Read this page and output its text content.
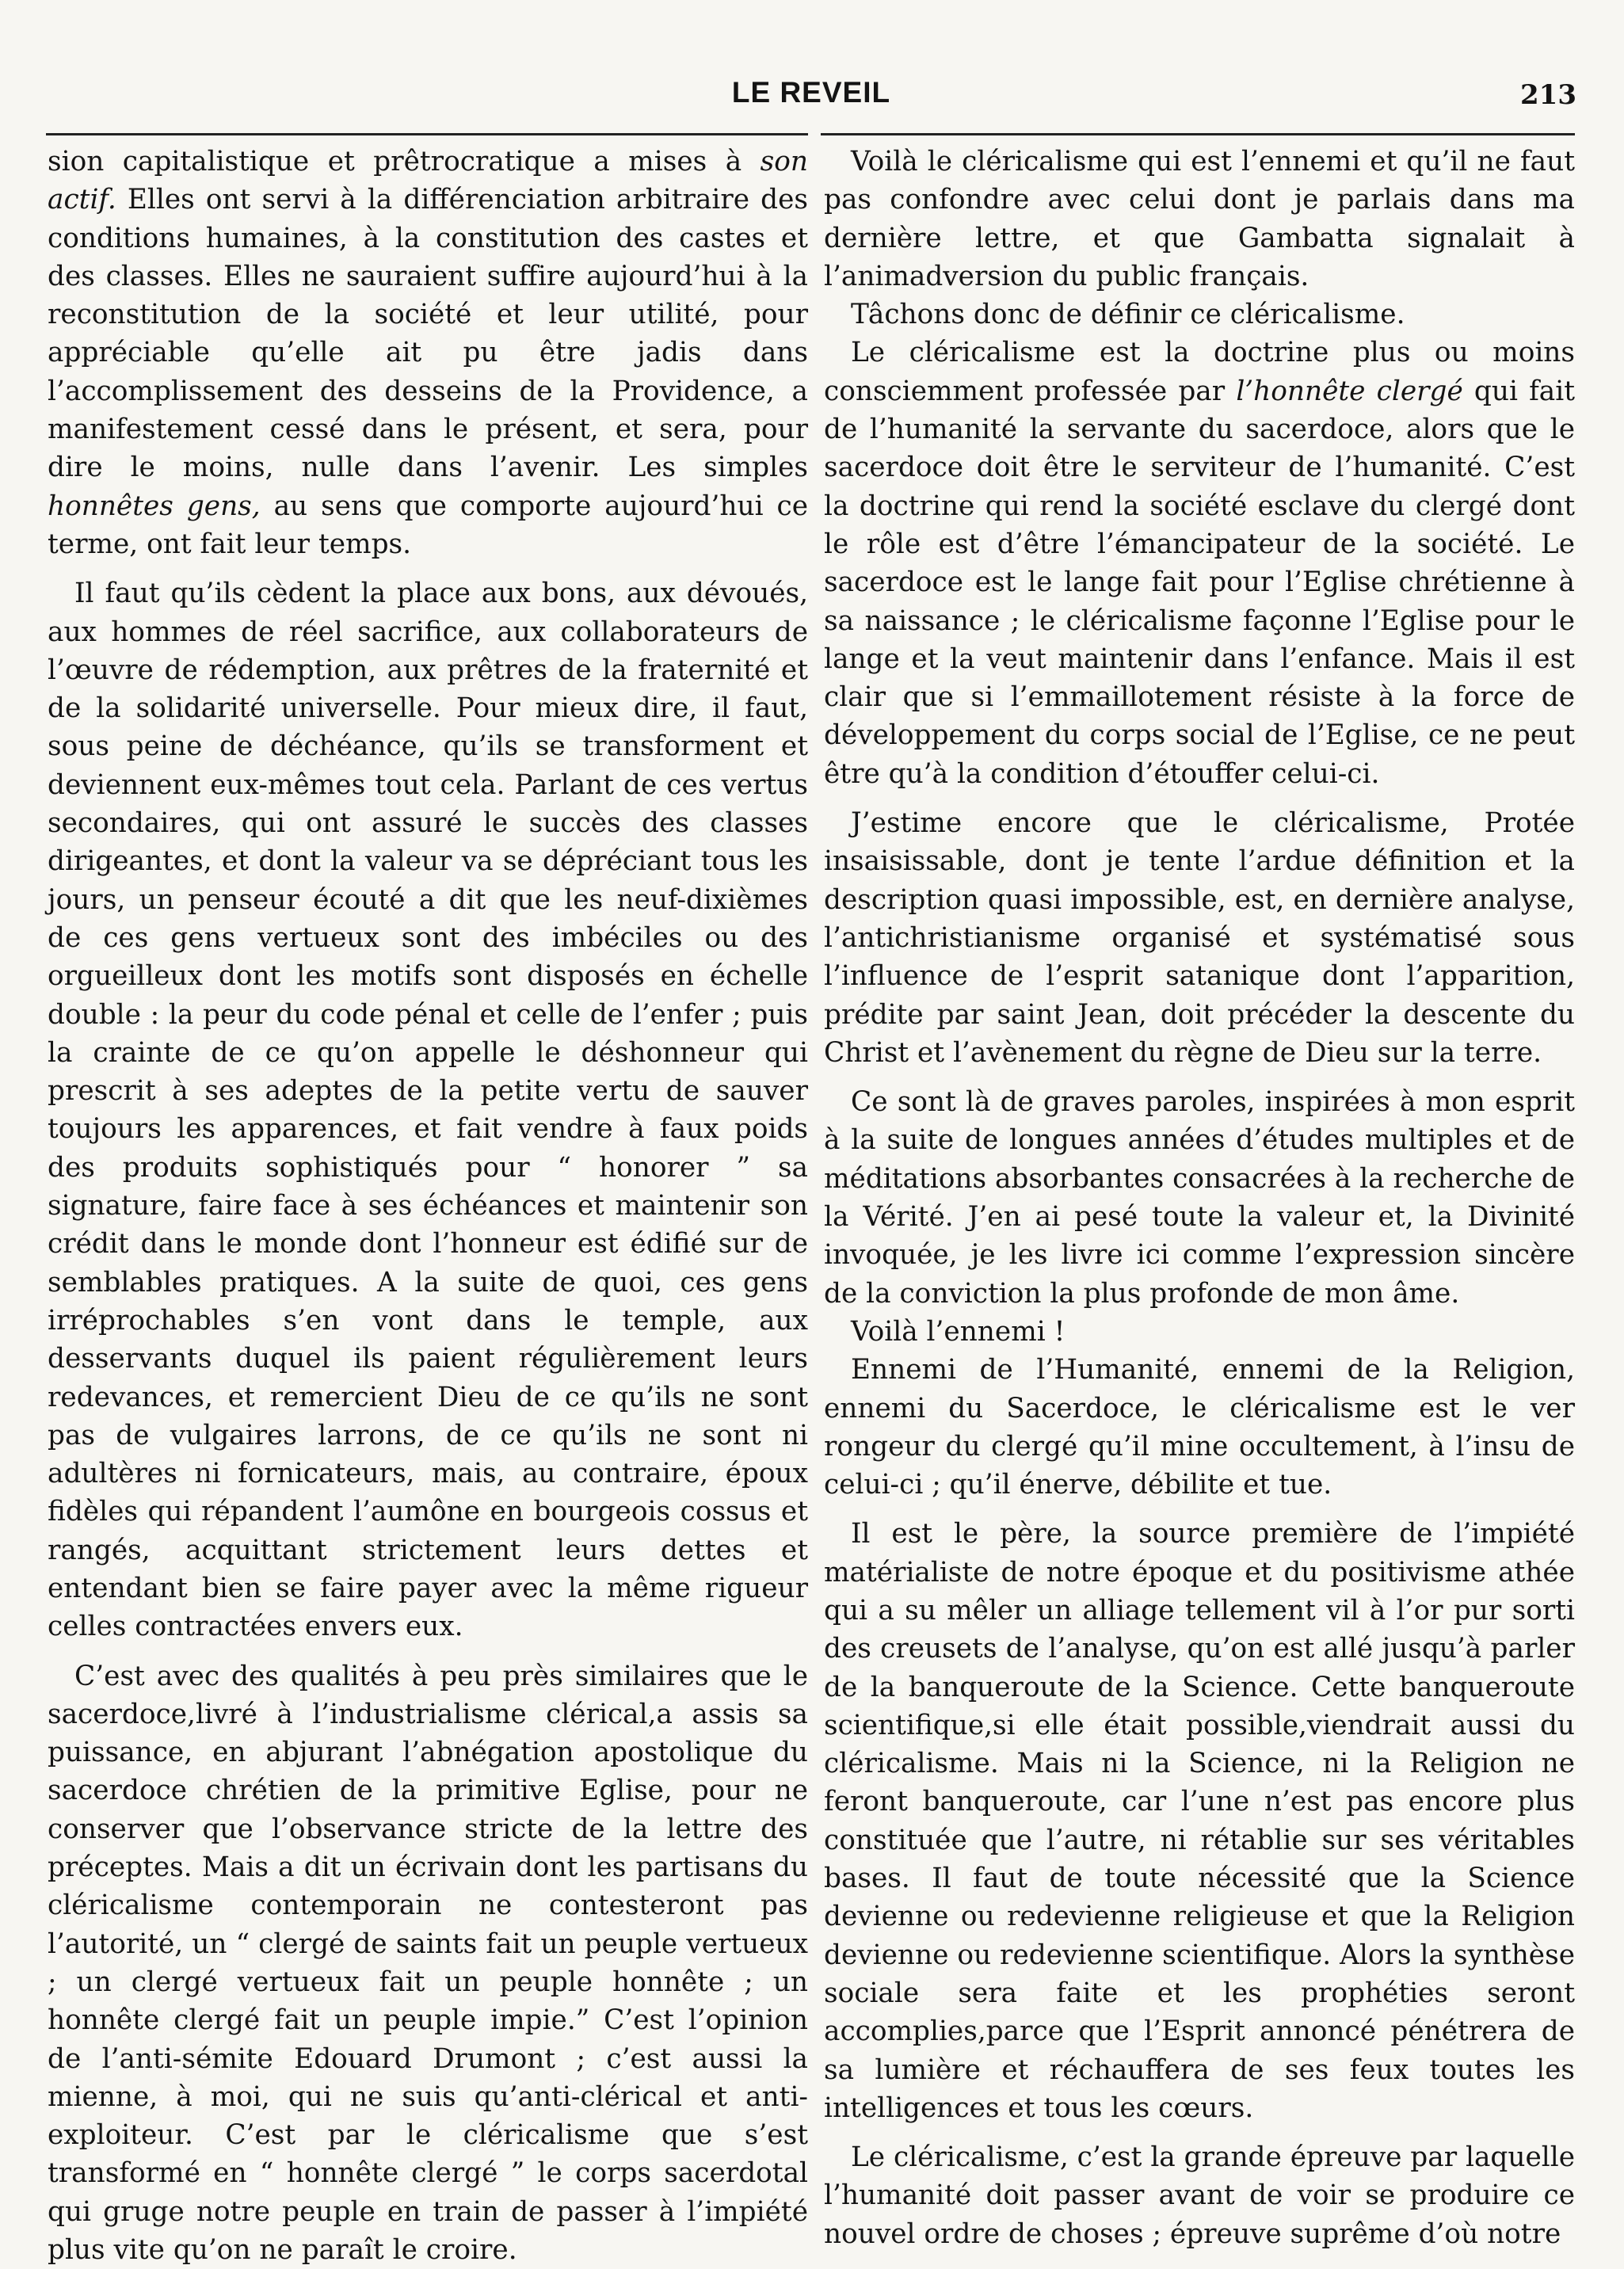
LE REVEIL	213

sion capitalistique et prêtrocratique a mises à son actif. Elles ont servi à la différenciation arbitraire des conditions humaines, à la constitution des castes et des classes. Elles ne sauraient suffire aujourd’hui à la reconstitution de la société et leur utilité, pour appréciable qu’elle ait pu être jadis dans l’accomplissement des desseins de la Providence, a manifestement cessé dans le présent, et sera, pour dire le moins, nulle dans l’avenir. Les simples honnêtes gens, au sens que comporte aujourd’hui ce terme, ont fait leur temps.

Il faut qu’ils cèdent la place aux bons, aux dévoués, aux hommes de réel sacrifice, aux collaborateurs de l’œuvre de rédemption, aux prêtres de la fraternité et de la solidarité universelle. Pour mieux dire, il faut, sous peine de déchéance, qu’ils se transforment et deviennent eux-mêmes tout cela. Parlant de ces vertus secondaires, qui ont assuré le succès des classes dirigeantes, et dont la valeur va se dépréciant tous les jours, un penseur écouté a dit que les neuf-dixièmes de ces gens vertueux sont des imbéciles ou des orgueilleux dont les motifs sont disposés en échelle double : la peur du code pénal et celle de l’enfer ; puis la crainte de ce qu’on appelle le déshonneur qui prescrit à ses adeptes de la petite vertu de sauver toujours les apparences, et fait vendre à faux poids des produits sophistiqués pour “ honorer ” sa signature, faire face à ses échéances et maintenir son crédit dans le monde dont l’honneur est édifié sur de semblables pratiques. A la suite de quoi, ces gens irréprochables s’en vont dans le temple, aux desservants duquel ils paient régulièrement leurs redevances, et remercient Dieu de ce qu’ils ne sont pas de vulgaires larrons, de ce qu’ils ne sont ni adultères ni fornicateurs, mais, au contraire, époux fidèles qui répandent l’aumône en bourgeois cossus et rangés, acquittant strictement leurs dettes et entendant bien se faire payer avec la même rigueur celles contractées envers eux.

C’est avec des qualités à peu près similaires que le sacerdoce,livré à l’industrialisme clérical,a assis sa puissance, en abjurant l’abnégation apostolique du sacerdoce chrétien de la primitive Eglise, pour ne conserver que l’observance stricte de la lettre des préceptes. Mais a dit un écrivain dont les partisans du cléricalisme contemporain ne contesteront pas l’autorité, un “ clergé de saints fait un peuple vertueux ; un clergé vertueux fait un peuple honnête ; un honnête clergé fait un peuple impie.” C’est l’opinion de l’anti-sémite Edouard Drumont ; c’est aussi la mienne, à moi, qui ne suis qu’anti-clérical et anti-exploiteur. C’est par le cléricalisme que s’est transformé en “ honnête clergé ” le corps sacerdotal qui gruge notre peuple en train de passer à l’impiété plus vite qu’on ne paraît le croire.

Voilà le cléricalisme qui est l’ennemi et qu’il ne faut pas confondre avec celui dont je parlais dans ma dernière lettre, et que Gambatta signalait à l’animadversion du public français.

Tâchons donc de définir ce cléricalisme.

Le cléricalisme est la doctrine plus ou moins consciemment professée par l’honnête clergé qui fait de l’humanité la servante du sacerdoce, alors que le sacerdoce doit être le serviteur de l’humanité. C’est la doctrine qui rend la société esclave du clergé dont le rôle est d’être l’émancipateur de la société. Le sacerdoce est le lange fait pour l’Eglise chrétienne à sa naissance ; le cléricalisme façonne l’Eglise pour le lange et la veut maintenir dans l’enfance. Mais il est clair que si l’emmaillotement résiste à la force de développement du corps social de l’Eglise, ce ne peut être qu’à la condition d’étouffer celui-ci.

J’estime encore que le cléricalisme, Protée insaisissable, dont je tente l’ardue définition et la description quasi impossible, est, en dernière analyse, l’antichristianisme organisé et systématisé sous l’influence de l’esprit satanique dont l’apparition, prédite par saint Jean, doit précéder la descente du Christ et l’avènement du règne de Dieu sur la terre.

Ce sont là de graves paroles, inspirées à mon esprit à la suite de longues années d’études multiples et de méditations absorbantes consacrées à la recherche de la Vérité. J’en ai pesé toute la valeur et, la Divinité invoquée, je les livre ici comme l’expression sincère de la conviction la plus profonde de mon âme.

Voilà l’ennemi !

Ennemi de l’Humanité, ennemi de la Religion, ennemi du Sacerdoce, le cléricalisme est le ver rongeur du clergé qu’il mine occultement, à l’insu de celui-ci ; qu’il énerve, débilite et tue.

Il est le père, la source première de l’impiété matérialiste de notre époque et du positivisme athée qui a su mêler un alliage tellement vil à l’or pur sorti des creusets de l’analyse, qu’on est allé jusqu’à parler de la banqueroute de la Science. Cette banqueroute scientifique,si elle était possible,viendrait aussi du cléricalisme. Mais ni la Science, ni la Religion ne feront banqueroute, car l’une n’est pas encore plus constituée que l’autre, ni rétablie sur ses véritables bases. Il faut de toute nécessité que la Science devienne ou redevienne religieuse et que la Religion devienne ou redevienne scientifique. Alors la synthèse sociale sera faite et les prophéties seront accomplies,parce que l’Esprit annoncé pénétrera de sa lumière et réchauffera de ses feux toutes les intelligences et tous les cœurs.

Le cléricalisme, c’est la grande épreuve par laquelle l’humanité doit passer avant de voir se produire ce nouvel ordre de choses ; épreuve suprême d’où notre
